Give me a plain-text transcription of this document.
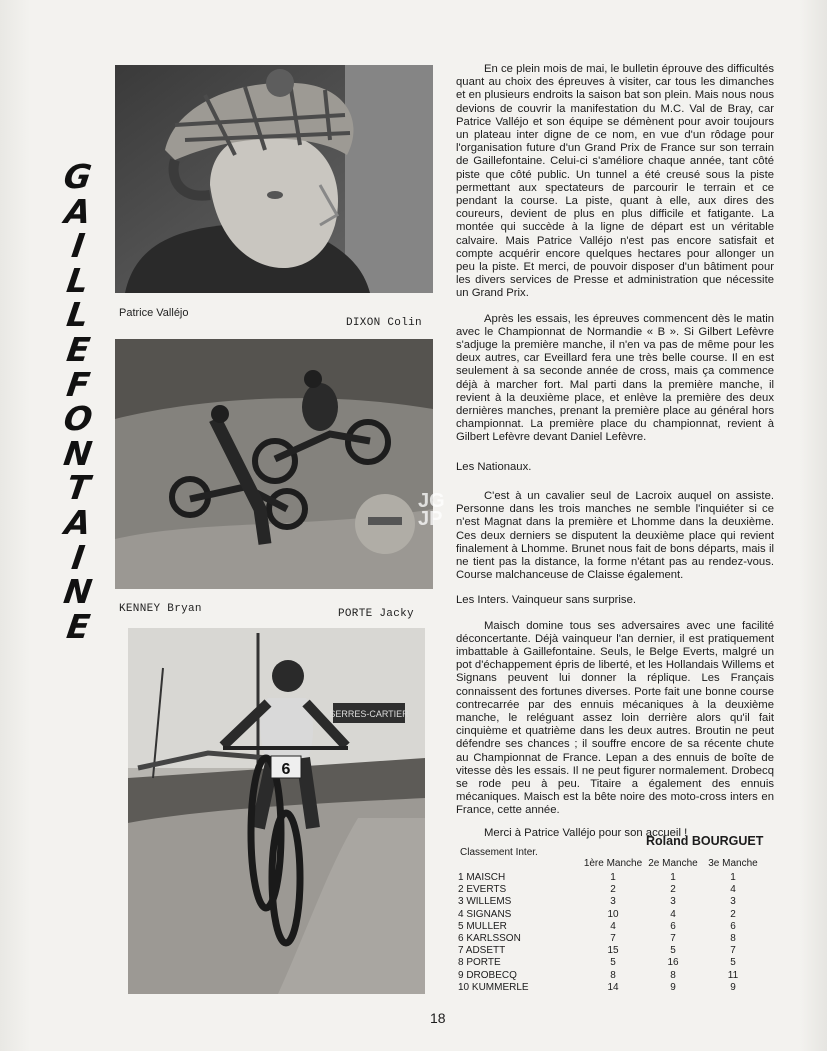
G
A
I
L
L
E
F
O
N
T
A
I
N
E
JG
JP
SERRES-CARTIER
6
Patrice Valléjo
DIXON Colin
KENNEY Bryan	PORTE Jacky

En ce plein mois de mai, le bulletin éprouve des difficultés quant au choix des épreuves à visiter, car tous les dimanches et en plusieurs endroits la saison bat son plein. Mais nous nous devions de couvrir la manifestation du M.C. Val de Bray, car Patrice Valléjo et son équipe se démènent pour avoir toujours un plateau inter digne de ce nom, en vue d'un rôdage pour l'organisation future d'un Grand Prix de France sur son terrain de Gaillefontaine. Celui-ci s'améliore chaque année, tant côté piste que côté public. Un tunnel a été creusé sous la piste permettant aux spectateurs de parcourir le terrain et ce pendant la course. La piste, quant à elle, aux dires des coureurs, devient de plus en plus difficile et fatigante. La montée qui succède à la ligne de départ est un véritable calvaire. Mais Patrice Valléjo n'est pas encore satisfait et compte acquérir encore quelques hectares pour allonger un peu la piste. Et merci, de pouvoir disposer d'un bâtiment pour les divers services de Presse et administration que nécessite un Grand Prix.

Après les essais, les épreuves commencent dès le matin avec le Championnat de Normandie « B ». Si Gilbert Lefèvre s'adjuge la première manche, il n'en va pas de même pour les deux autres, car Eveillard fera une très belle course. Il en est seulement à sa seconde année de cross, mais ça commence déjà à marcher fort. Mal parti dans la première manche, il revient à la deuxième place, et enlève la première des deux dernières manches, prenant la première place au général hors championnat. La première place du championnat, revient à Gilbert Lefèvre devant Daniel Lefèvre.

Les Nationaux.

C'est à un cavalier seul de Lacroix auquel on assiste. Personne dans les trois manches ne semble l'inquiéter si ce n'est Magnat dans la première et Lhomme dans la deuxième. Ces deux derniers se disputent la deuxième place qui revient finalement à Lhomme. Brunet nous fait de bons départs, mais il ne tient pas la distance, la forme n'étant pas au rendez-vous. Course malchanceuse de Claisse également.

Les Inters. Vainqueur sans surprise.

Maisch domine tous ses adversaires avec une facilité déconcertante. Déjà vainqueur l'an dernier, il est pratiquement imbattable à Gaillefontaine. Seuls, le Belge Everts, malgré un pot d'échappement épris de liberté, et les Hollandais Willems et Signans peuvent lui donner la réplique. Les Français connaissent des fortunes diverses. Porte fait une bonne course contrecarrée par des ennuis mécaniques à la deuxième manche, le reléguant assez loin derrière alors qu'il fait cinquième et quatrième dans les deux autres. Broutin ne peut défendre ses chances ; il souffre encore de sa récente chute au Championnat de France. Lepan a des ennuis de boîte de vitesse dès les essais. Il ne peut figurer normalement. Drobecq se rode peu à peu. Titaire a également des ennuis mécaniques. Maisch est la bête noire des moto-cross inters en France, cette année.

Merci à Patrice Valléjo pour son accueil !

Roland BOURGUET
Classement Inter.
	1ère Manche	2e Manche	3e Manche
1 MAISCH	1	1	1
2 EVERTS	2	2	4
3 WILLEMS	3	3	3
4 SIGNANS	10	4	2
5 MULLER	4	6	6
6 KARLSSON	7	7	8
7 ADSETT	15	5	7
8 PORTE	5	16	5
9 DROBECQ	8	8	11
10 KUMMERLE	14	9	9
18
